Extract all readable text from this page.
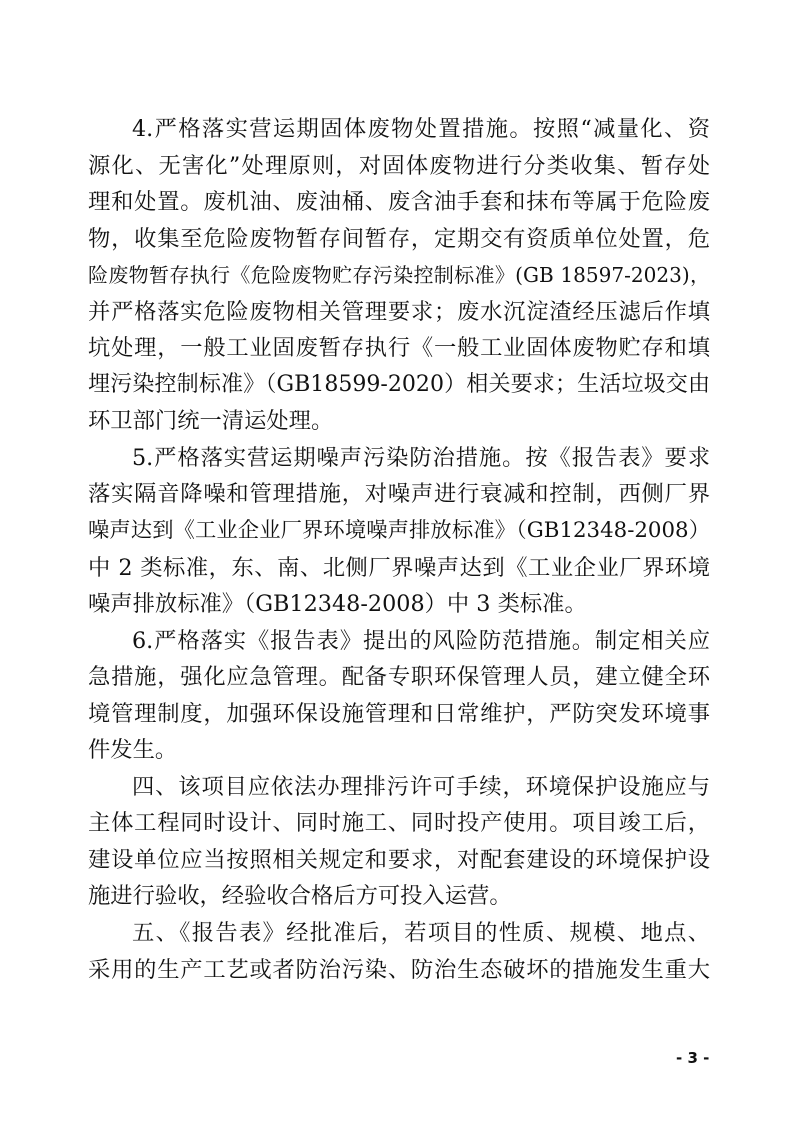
4.严格落实营运期固体废物处置措施。按照“减量化、资
源化、无害化”处理原则，对固体废物进行分类收集、暂存处
理和处置。废机油、废油桶、废含油手套和抹布等属于危险废
物，收集至危险废物暂存间暂存，定期交有资质单位处置，危
险废物暂存执行《危险废物贮存污染控制标准》(GB 18597-2023)，
并严格落实危险废物相关管理要求；废水沉淀渣经压滤后作填
坑处理，一般工业固废暂存执行《一般工业固体废物贮存和填
埋污染控制标准》（GB18599-2020）相关要求；生活垃圾交由
环卫部门统一清运处理。
5.严格落实营运期噪声污染防治措施。按《报告表》要求
落实隔音降噪和管理措施，对噪声进行衰减和控制，西侧厂界
噪声达到《工业企业厂界环境噪声排放标准》（GB12348-2008）
中 2 类标准，东、南、北侧厂界噪声达到《工业企业厂界环境
噪声排放标准》（GB12348-2008）中 3 类标准。
6.严格落实《报告表》提出的风险防范措施。制定相关应
急措施，强化应急管理。配备专职环保管理人员，建立健全环
境管理制度，加强环保设施管理和日常维护，严防突发环境事
件发生。
四、该项目应依法办理排污许可手续，环境保护设施应与
主体工程同时设计、同时施工、同时投产使用。项目竣工后，
建设单位应当按照相关规定和要求，对配套建设的环境保护设
施进行验收，经验收合格后方可投入运营。
五、《报告表》经批准后，若项目的性质、规模、地点、
采用的生产工艺或者防治污染、防治生态破坏的措施发生重大
- 3 -
